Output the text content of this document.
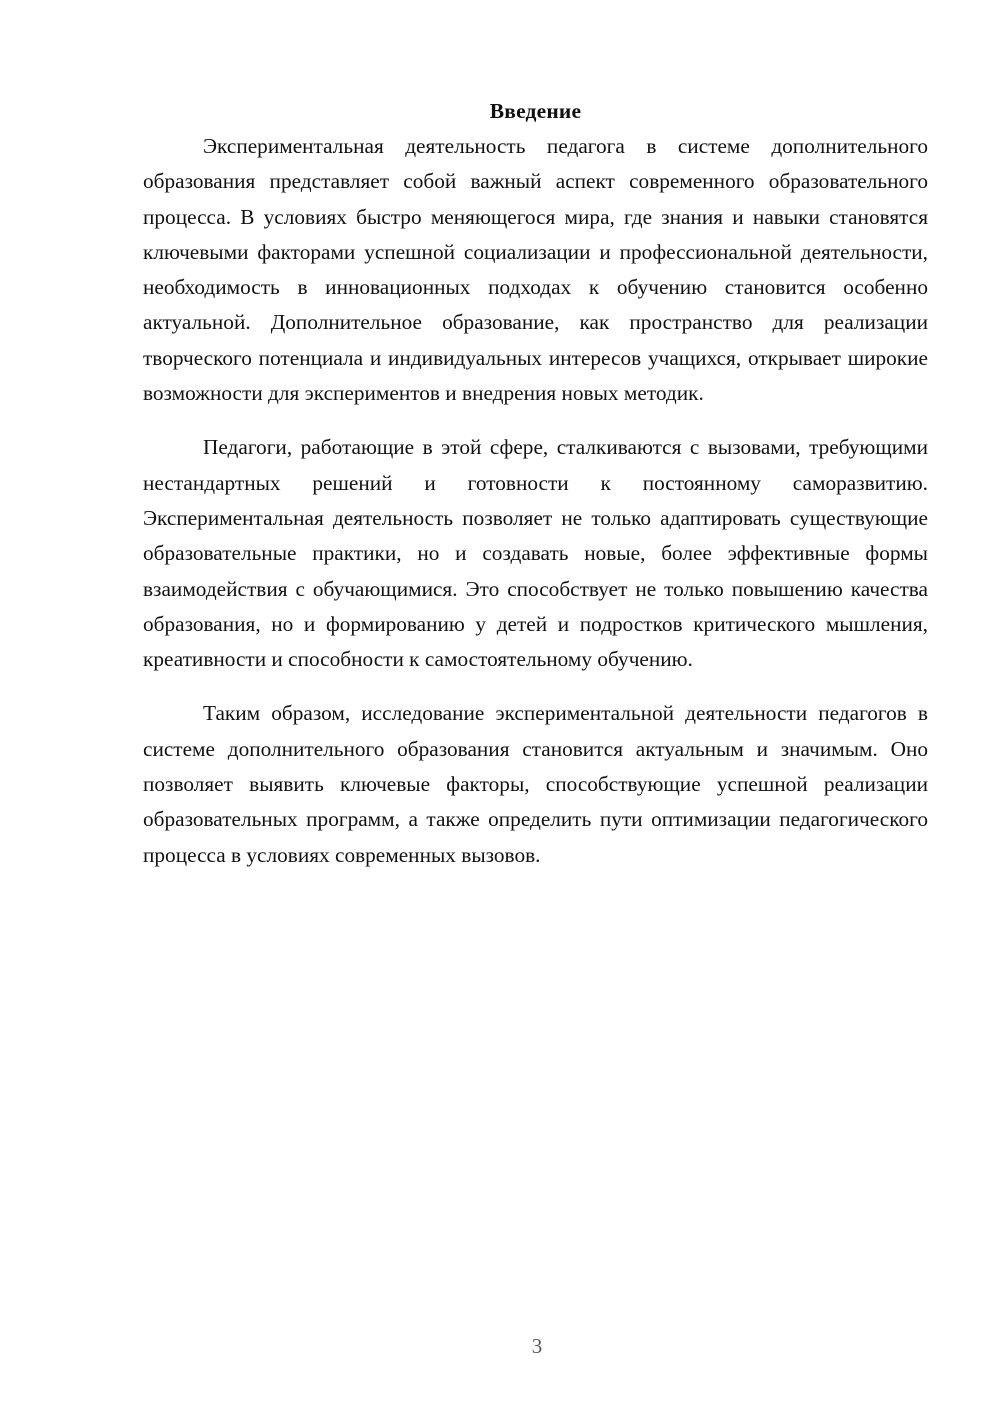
Введение

Экспериментальная деятельность педагога в системе дополнительного образования представляет собой важный аспект современного образовательного процесса. В условиях быстро меняющегося мира, где знания и навыки становятся ключевыми факторами успешной социализации и профессиональной деятельности, необходимость в инновационных подходах к обучению становится особенно актуальной. Дополнительное образование, как пространство для реализации творческого потенциала и индивидуальных интересов учащихся, открывает широкие возможности для экспериментов и внедрения новых методик.

Педагоги, работающие в этой сфере, сталкиваются с вызовами, требующими нестандартных решений и готовности к постоянному саморазвитию. Экспериментальная деятельность позволяет не только адаптировать существующие образовательные практики, но и создавать новые, более эффективные формы взаимодействия с обучающимися. Это способствует не только повышению качества образования, но и формированию у детей и подростков критического мышления, креативности и способности к самостоятельному обучению.

Таким образом, исследование экспериментальной деятельности педагогов в системе дополнительного образования становится актуальным и значимым. Оно позволяет выявить ключевые факторы, способствующие успешной реализации образовательных программ, а также определить пути оптимизации педагогического процесса в условиях современных вызовов.

3
